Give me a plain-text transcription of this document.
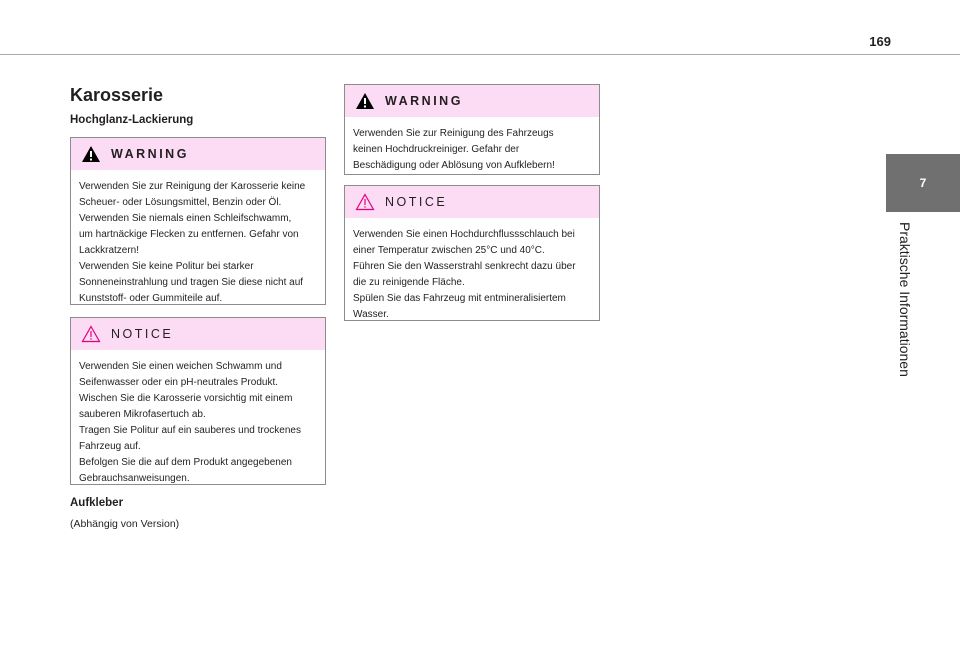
169
7
Praktische Informationen
Karosserie
Hochglanz-Lackierung
WARNING

Verwenden Sie zur Reinigung der Karosserie keine

Scheuer- oder Lösungsmittel, Benzin oder Öl.

Verwenden Sie niemals einen Schleifschwamm,

um hartnäckige Flecken zu entfernen. Gefahr von

Lackkratzern!

Verwenden Sie keine Politur bei starker

Sonneneinstrahlung und tragen Sie diese nicht auf

Kunststoff- oder Gummiteile auf.

NOTICE

Verwenden Sie einen weichen Schwamm und

Seifenwasser oder ein pH-neutrales Produkt.

Wischen Sie die Karosserie vorsichtig mit einem

sauberen Mikrofasertuch ab.

Tragen Sie Politur auf ein sauberes und trockenes

Fahrzeug auf.

Befolgen Sie die auf dem Produkt angegebenen

Gebrauchsanweisungen.

Aufkleber
(Abhängig von Version)
WARNING

Verwenden Sie zur Reinigung des Fahrzeugs

keinen Hochdruckreiniger. Gefahr der

Beschädigung oder Ablösung von Aufklebern!

NOTICE

Verwenden Sie einen Hochdurchflussschlauch bei

einer Temperatur zwischen 25°C und 40°C.

Führen Sie den Wasserstrahl senkrecht dazu über

die zu reinigende Fläche.

Spülen Sie das Fahrzeug mit entmineralisiertem

Wasser.
